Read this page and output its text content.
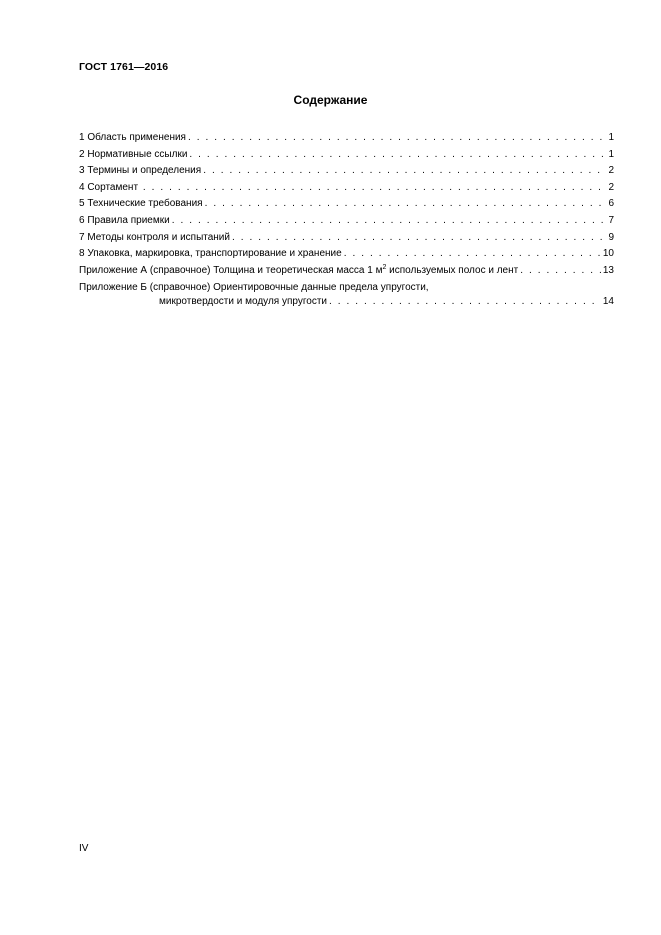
ГОСТ 1761—2016
Содержание
1 Область применения . . .	1
2 Нормативные ссылки . . .	1
3 Термины и определения . . .	2
4 Сортамент . . .	2
5 Технические требования . . .	6
6 Правила приемки . . .	7
7 Методы контроля и испытаний . . .	9
8 Упаковка, маркировка, транспортирование и хранение . . .	10
Приложение А (справочное) Толщина и теоретическая масса 1 $м^2$ используемых полос и лент . . .	13
Приложение Б (справочное) Ориентировочные данные предела упругости,
микротвердости и модуля упругости . . .	14
IV
